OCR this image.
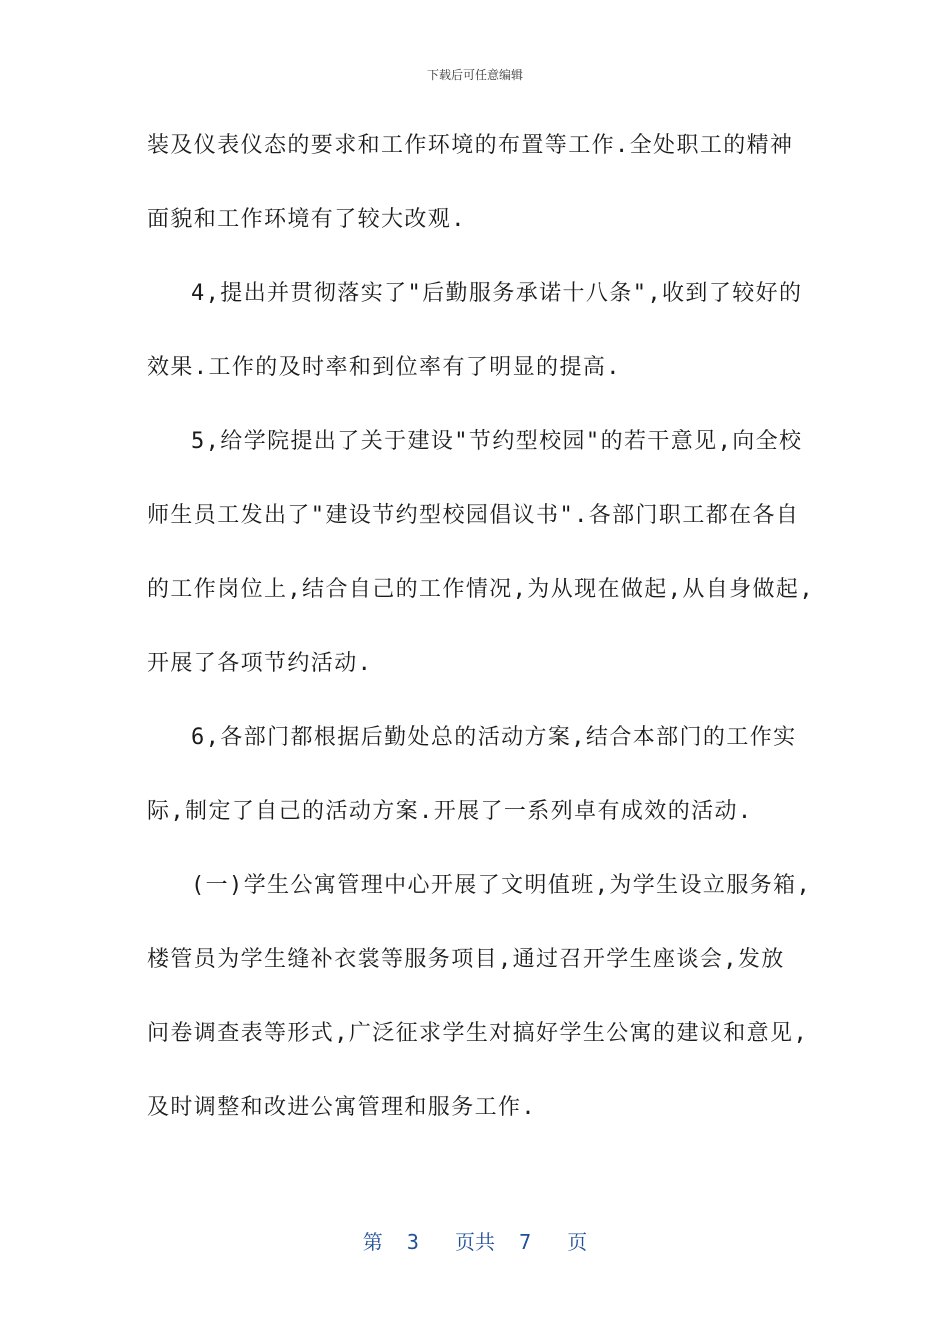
下载后可任意编辑
装及仪表仪态的要求和工作环境的布置等工作.全处职工的精神
面貌和工作环境有了较大改观.
4,提出并贯彻落实了"后勤服务承诺十八条",收到了较好的
效果.工作的及时率和到位率有了明显的提高.
5,给学院提出了关于建设"节约型校园"的若干意见,向全校
师生员工发出了"建设节约型校园倡议书".各部门职工都在各自
的工作岗位上,结合自己的工作情况,为从现在做起,从自身做起,
开展了各项节约活动.
6,各部门都根据后勤处总的活动方案,结合本部门的工作实
际,制定了自己的活动方案.开展了一系列卓有成效的活动.
(一)学生公寓管理中心开展了文明值班,为学生设立服务箱,
楼管员为学生缝补衣裳等服务项目,通过召开学生座谈会,发放
问卷调查表等形式,广泛征求学生对搞好学生公寓的建议和意见,
及时调整和改进公寓管理和服务工作.
第  3   页共  7   页
